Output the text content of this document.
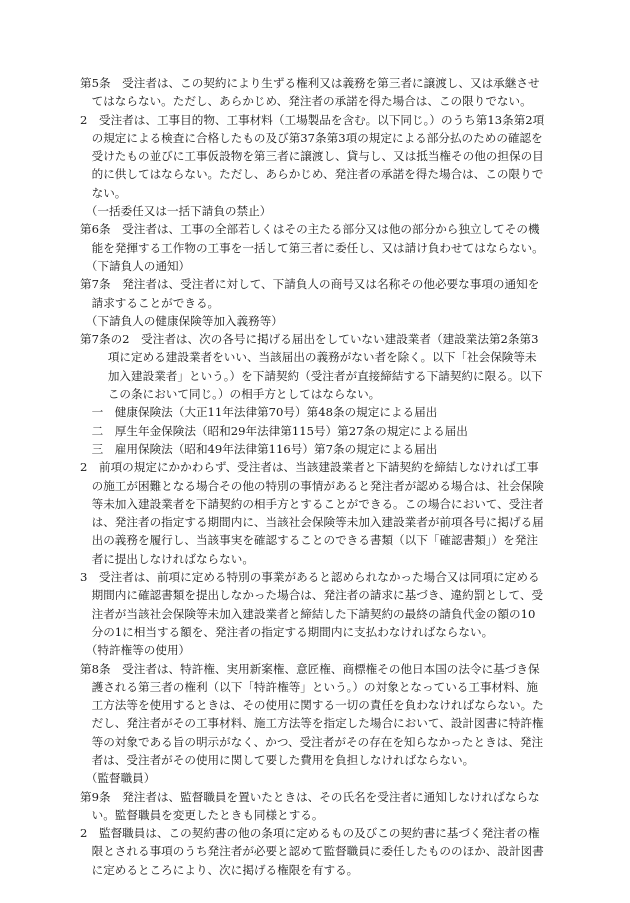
第5条　受注者は、この契約により生ずる権利又は義務を第三者に譲渡し、又は承継させてはならない。ただし、あらかじめ、発注者の承諾を得た場合は、この限りでない。

2　受注者は、工事目的物、工事材料（工場製品を含む。以下同じ。）のうち第13条第2項の規定による検査に合格したもの及び第37条第3項の規定による部分払のための確認を受けたもの並びに工事仮設物を第三者に譲渡し、貸与し、又は抵当権その他の担保の目的に供してはならない。ただし、あらかじめ、発注者の承諾を得た場合は、この限りでない。

（一括委任又は一括下請負の禁止）

第6条　受注者は、工事の全部若しくはその主たる部分又は他の部分から独立してその機能を発揮する工作物の工事を一括して第三者に委任し、又は請け負わせてはならない。

（下請負人の通知）

第7条　発注者は、受注者に対して、下請負人の商号又は名称その他必要な事項の通知を請求することができる。

（下請負人の健康保険等加入義務等）

第7条の2　受注者は、次の各号に掲げる届出をしていない建設業者（建設業法第2条第3項に定める建設業者をいい、当該届出の義務がない者を除く。以下「社会保険等未加入建設業者」という。）を下請契約（受注者が直接締結する下請契約に限る。以下この条において同じ。）の相手方としてはならない。

一　健康保険法（大正11年法律第70号）第48条の規定による届出

二　厚生年金保険法（昭和29年法律第115号）第27条の規定による届出

三　雇用保険法（昭和49年法律第116号）第7条の規定による届出

2　前項の規定にかかわらず、受注者は、当該建設業者と下請契約を締結しなければ工事の施工が困難となる場合その他の特別の事情があると発注者が認める場合は、社会保険等未加入建設業者を下請契約の相手方とすることができる。この場合において、受注者は、発注者の指定する期間内に、当該社会保険等未加入建設業者が前項各号に掲げる届出の義務を履行し、当該事実を確認することのできる書類（以下「確認書類」）を発注者に提出しなければならない。

3　受注者は、前項に定める特別の事業があると認められなかった場合又は同項に定める期間内に確認書類を提出しなかった場合は、発注者の請求に基づき、違約罰として、受注者が当該社会保険等未加入建設業者と締結した下請契約の最終の請負代金の額の10分の1に相当する額を、発注者の指定する期間内に支払わなければならない。

（特許権等の使用）

第8条　受注者は、特許権、実用新案権、意匠権、商標権その他日本国の法令に基づき保護される第三者の権利（以下「特許権等」という。）の対象となっている工事材料、施工方法等を使用するときは、その使用に関する一切の責任を負わなければならない。ただし、発注者がその工事材料、施工方法等を指定した場合において、設計図書に特許権等の対象である旨の明示がなく、かつ、受注者がその存在を知らなかったときは、発注者は、受注者がその使用に関して要した費用を負担しなければならない。

（監督職員）

第9条　発注者は、監督職員を置いたときは、その氏名を受注者に通知しなければならない。監督職員を変更したときも同様とする。

2　監督職員は、この契約書の他の条項に定めるもの及びこの契約書に基づく発注者の権限とされる事項のうち発注者が必要と認めて監督職員に委任したもののほか、設計図書に定めるところにより、次に掲げる権限を有する。
